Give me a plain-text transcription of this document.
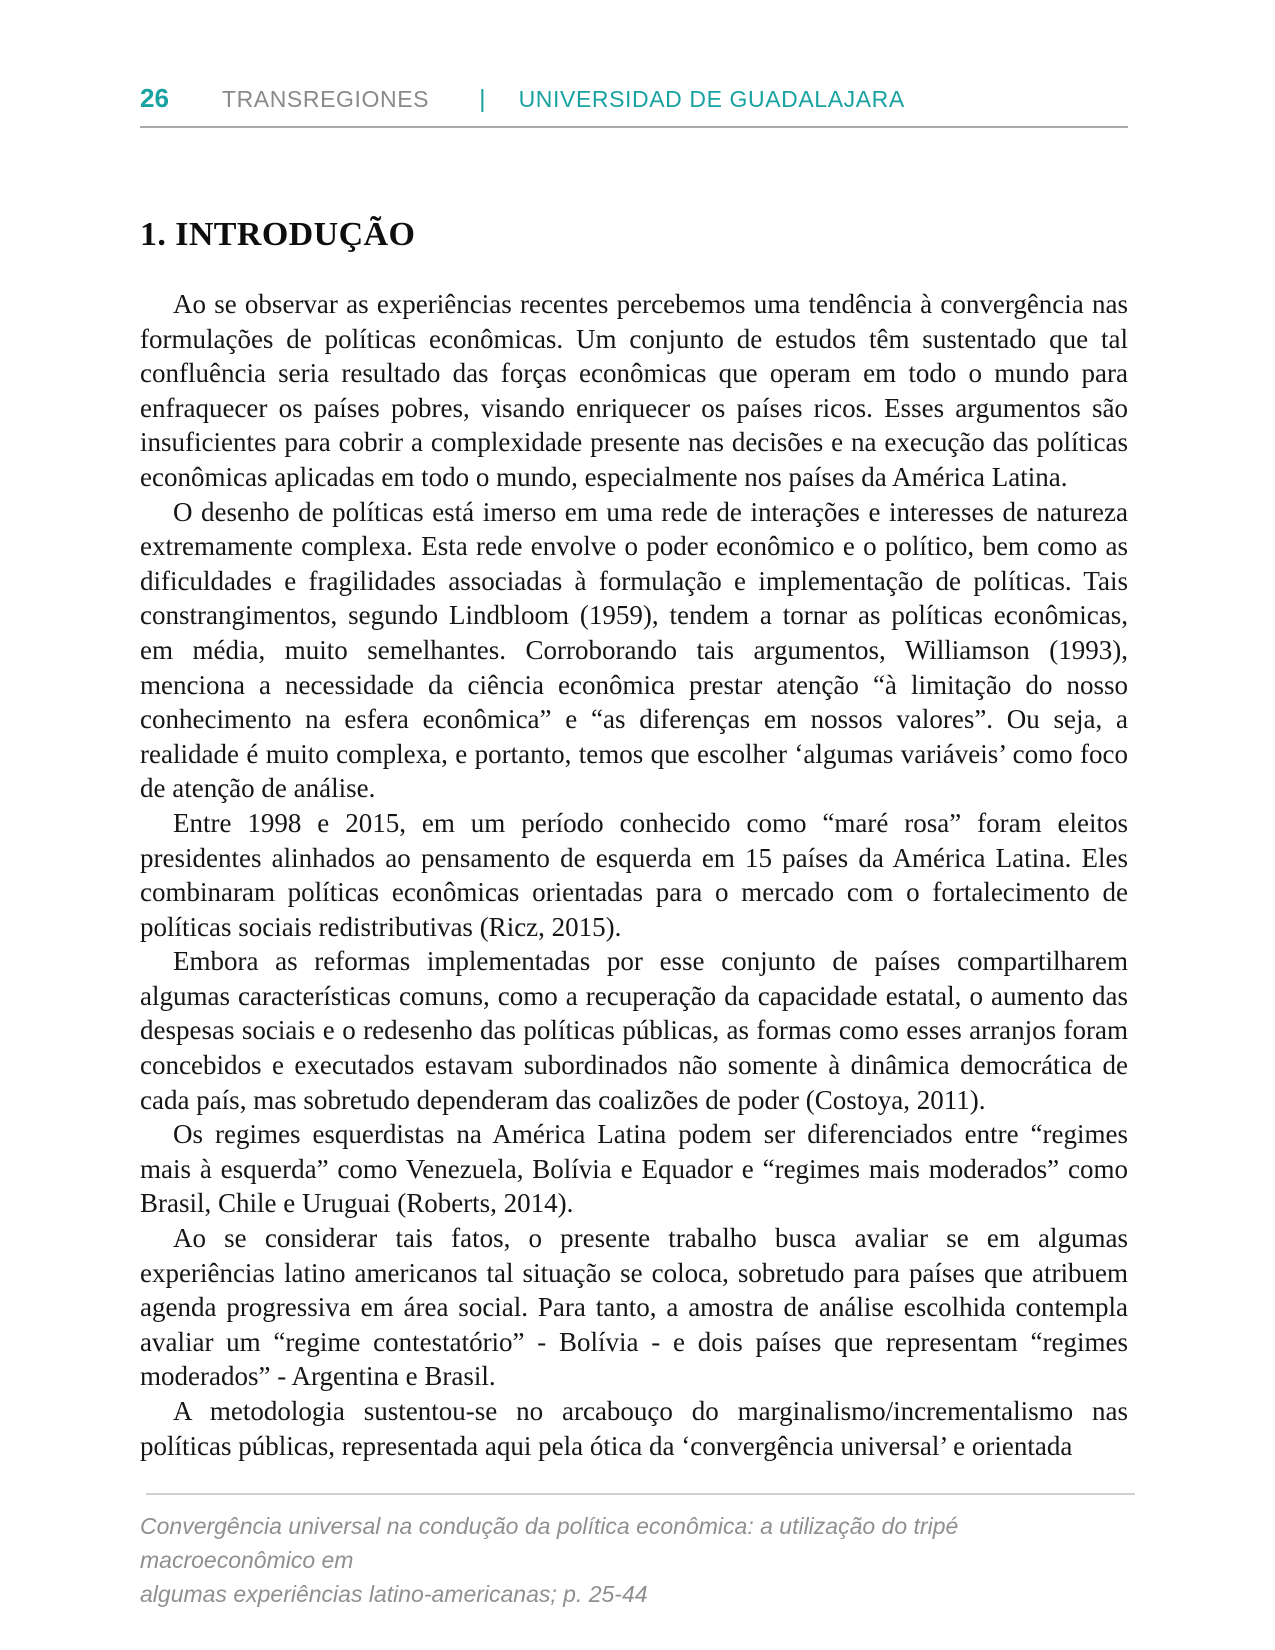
26 TRANSREGIONES | UNIVERSIDAD DE GUADALAJARA
1. INTRODUÇÃO

Ao se observar as experiências recentes percebemos uma tendência à convergência nas formulações de políticas econômicas. Um conjunto de estudos têm sustentado que tal confluência seria resultado das forças econômicas que operam em todo o mundo para enfraquecer os países pobres, visando enriquecer os países ricos. Esses argumentos são insuficientes para cobrir a complexidade presente nas decisões e na execução das políticas econômicas aplicadas em todo o mundo, especialmente nos países da América Latina.

O desenho de políticas está imerso em uma rede de interações e interesses de natureza extremamente complexa. Esta rede envolve o poder econômico e o político, bem como as dificuldades e fragilidades associadas à formulação e implementação de políticas. Tais constrangimentos, segundo Lindbloom (1959), tendem a tornar as políticas econômicas, em média, muito semelhantes. Corroborando tais argumentos, Williamson (1993), menciona a necessidade da ciência econômica prestar atenção “à limitação do nosso conhecimento na esfera econômica” e “as diferenças em nossos valores”. Ou seja, a realidade é muito complexa, e portanto, temos que escolher ‘algumas variáveis’ como foco de atenção de análise.

Entre 1998 e 2015, em um período conhecido como “maré rosa” foram eleitos presidentes alinhados ao pensamento de esquerda em 15 países da América Latina. Eles combinaram políticas econômicas orientadas para o mercado com o fortalecimento de políticas sociais redistributivas (Ricz, 2015).

Embora as reformas implementadas por esse conjunto de países compartilharem algumas características comuns, como a recuperação da capacidade estatal, o aumento das despesas sociais e o redesenho das políticas públicas, as formas como esses arranjos foram concebidos e executados estavam subordinados não somente à dinâmica democrática de cada país, mas sobretudo dependeram das coalizões de poder (Costoya, 2011).

Os regimes esquerdistas na América Latina podem ser diferenciados entre “regimes mais à esquerda” como Venezuela, Bolívia e Equador e “regimes mais moderados” como Brasil, Chile e Uruguai (Roberts, 2014).

Ao se considerar tais fatos, o presente trabalho busca avaliar se em algumas experiências latino americanos tal situação se coloca, sobretudo para países que atribuem agenda progressiva em área social. Para tanto, a amostra de análise escolhida contempla avaliar um “regime contestatório” - Bolívia - e dois países que representam “regimes moderados” - Argentina e Brasil.

A metodologia sustentou-se no arcabouço do marginalismo/incrementalismo nas políticas públicas, representada aqui pela ótica da ‘convergência universal’ e orientada

Convergência universal na condução da política econômica: a utilização do tripé macroeconômico em
algumas experiências latino-americanas; p. 25-44
